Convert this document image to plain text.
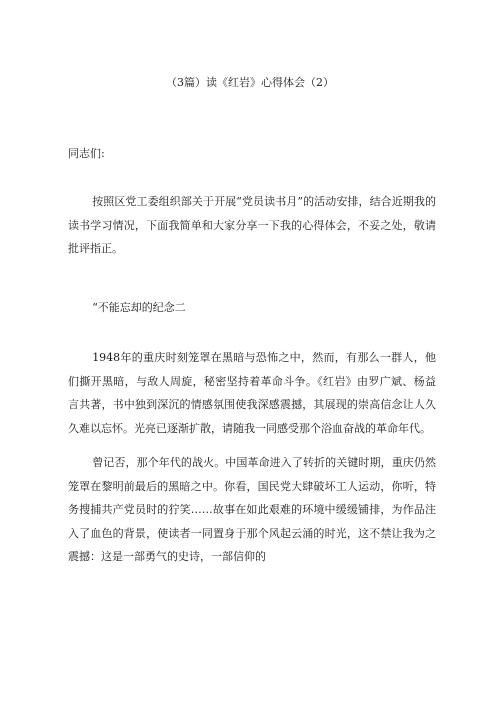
（3篇）读《红岩》心得体会（2）
同志们:
按照区党工委组织部关于开展“党员读书月”的活动安排，结合近期我的读书学习情况，下面我简单和大家分享一下我的心得体会，不妥之处，敬请批评指正。
“不能忘却的纪念二
1948年的重庆时刻笼罩在黑暗与恐怖之中，然而，有那么一群人，他们撕开黑暗，与敌人周旋，秘密坚持着革命斗争。《红岩》由罗广斌、杨益言共著，书中独到深沉的情感氛围使我深感震撼，其展现的崇高信念让人久久难以忘怀。光亮已逐渐扩散，请随我一同感受那个浴血奋战的革命年代。
曾记否，那个年代的战火。中国革命进入了转折的关键时期，重庆仍然笼罩在黎明前最后的黑暗之中。你看，国民党大肆破坏工人运动，你听，特务搜捕共产党员时的狞笑……故事在如此艰难的环境中缓缓铺排，为作品注入了血色的背景，使读者一同置身于那个风起云涌的时光，这不禁让我为之震撼：这是一部勇气的史诗，一部信仰的
